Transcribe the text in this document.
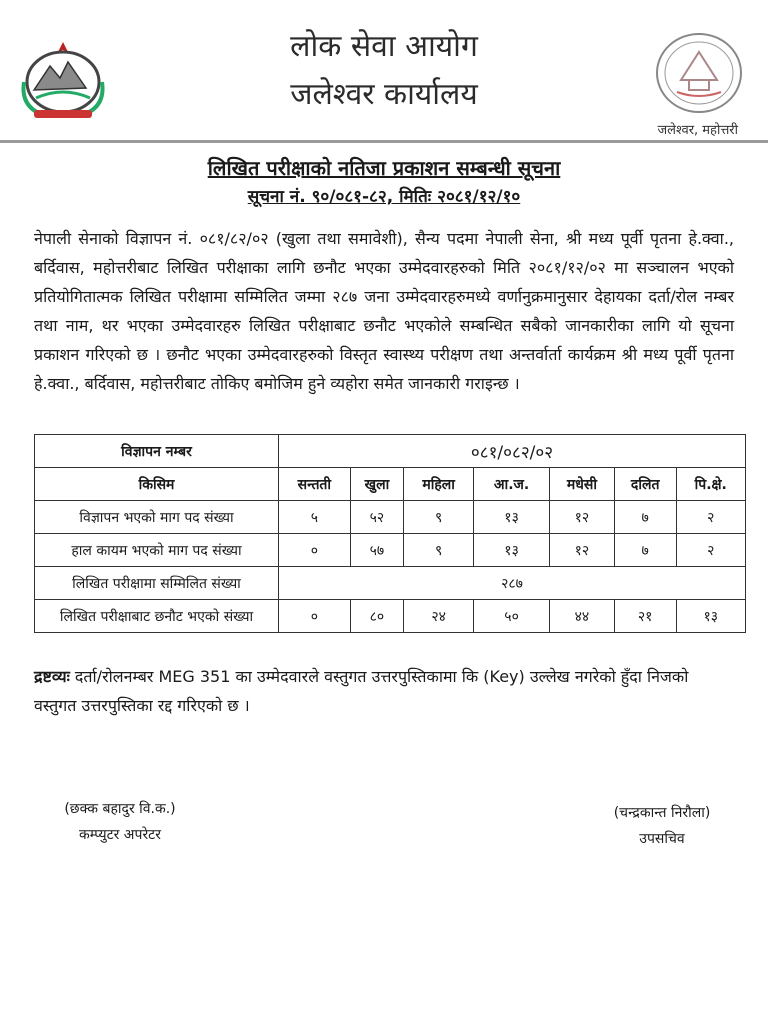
लोक सेवा आयोग
जलेश्वर कार्यालय
जलेश्वर, महोत्तरी
लिखित परीक्षाको नतिजा प्रकाशन सम्बन्धी सूचना
सूचना नं. ९०/०८१-८२, मितिः २०८१/१२/१०
नेपाली सेनाको विज्ञापन नं. ०८१/८२/०२ (खुला तथा समावेशी), सैन्य पदमा नेपाली सेना, श्री मध्य पूर्वी पृतना हे.क्वा., बर्दिवास, महोत्तरीबाट लिखित परीक्षाका लागि छनौट भएका उम्मेदवारहरुको मिति २०८१/१२/०२ मा सञ्चालन भएको प्रतियोगितात्मक लिखित परीक्षामा सम्मिलित जम्मा २८७ जना उम्मेदवारहरुमध्ये वर्णानुक्रमानुसार देहायका दर्ता/रोल नम्बर तथा नाम, थर भएका उम्मेदवारहरु लिखित परीक्षाबाट छनौट भएकोले सम्बन्धित सबैको जानकारीका लागि यो सूचना प्रकाशन गरिएको छ । छनौट भएका उम्मेदवारहरुको विस्तृत स्वास्थ्य परीक्षण तथा अन्तर्वार्ता कार्यक्रम श्री मध्य पूर्वी पृतना हे.क्वा., बर्दिवास, महोत्तरीबाट तोकिए बमोजिम हुने व्यहोरा समेत जानकारी गराइन्छ ।
विज्ञापन नम्बर	०८१/०८२/०२						
किसिम	सन्तती	खुला	महिला	आ.ज.	मधेसी	दलित	पि.क्षे.
विज्ञापन भएको माग पद संख्या	५	५२	९	१३	१२	७	२
हाल कायम भएको माग पद संख्या	०	५७	९	१३	१२	७	२
लिखित परीक्षामा सम्मिलित संख्या	२८७						
लिखित परीक्षाबाट छनौट भएको संख्या	०	८०	२४	५०	४४	२१	१३
द्रष्टव्यः दर्ता/रोलनम्बर MEG 351 का उम्मेदवारले वस्तुगत उत्तरपुस्तिकामा कि (Key) उल्लेख नगरेको हुँदा निजको वस्तुगत उत्तरपुस्तिका रद्द गरिएको छ ।
(छक्क बहादुर वि.क.)
कम्प्युटर अपरेटर
(चन्द्रकान्त निरौला)
उपसचिव
